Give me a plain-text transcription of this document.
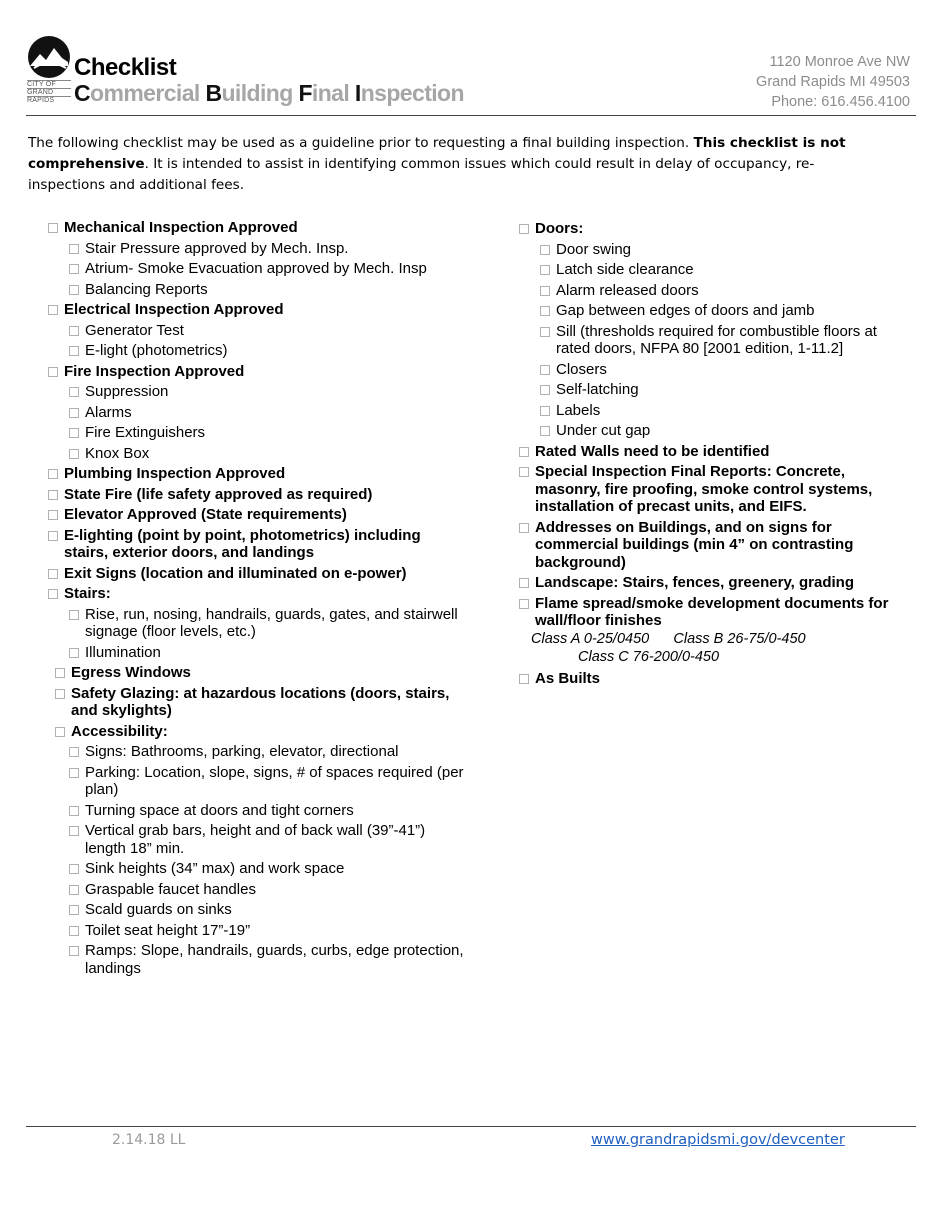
CITY OF
GRAND
RAPIDS
Checklist
Commercial Building Final Inspection
1120 Monroe Ave NW
Grand Rapids MI 49503
Phone: 616.456.4100
The following checklist may be used as a guideline prior to requesting a final building inspection. This checklist is not comprehensive. It is intended to assist in identifying common issues which could result in delay of occupancy, re-inspections and additional fees.
Mechanical Inspection Approved
Stair Pressure approved by Mech. Insp.
Atrium- Smoke Evacuation approved by Mech. Insp
Balancing Reports
Electrical Inspection Approved
Generator Test
E-light (photometrics)
Fire Inspection Approved
Suppression
Alarms
Fire Extinguishers
Knox Box
Plumbing Inspection Approved
State Fire (life safety approved as required)
Elevator Approved (State requirements)
E-lighting (point by point, photometrics) including stairs, exterior doors, and landings
Exit Signs (location and illuminated on e-power)
Stairs:
Rise, run, nosing, handrails, guards, gates, and stairwell signage (floor levels, etc.)
Illumination
Egress Windows
Safety Glazing: at hazardous locations (doors, stairs, and skylights)
Accessibility:
Signs: Bathrooms, parking, elevator, directional
Parking: Location, slope, signs, # of spaces required (per plan)
Turning space at doors and tight corners
Vertical grab bars, height and of back wall (39”-41”) length 18” min.
Sink heights (34” max) and work space
Graspable faucet handles
Scald guards on sinks
Toilet seat height 17”-19”
Ramps: Slope, handrails, guards, curbs, edge protection, landings
Doors:
Door swing
Latch side clearance
Alarm released doors
Gap between edges of doors and jamb
Sill (thresholds required for combustible floors at rated doors, NFPA 80 [2001 edition, 1-11.2]
Closers
Self-latching
Labels
Under cut gap
Rated Walls need to be identified
Special Inspection Final Reports: Concrete, masonry, fire proofing, smoke control systems, installation of precast units, and EIFS.
Addresses on Buildings, and on signs for commercial buildings (min 4” on contrasting background)
Landscape: Stairs, fences, greenery, grading
Flame spread/smoke development documents for wall/floor finishes
Class A 0-25/0450      Class B 26-75/0-450
Class C 76-200/0-450
As Builts
2.14.18 LL	www.grandrapidsmi.gov/devcenter
